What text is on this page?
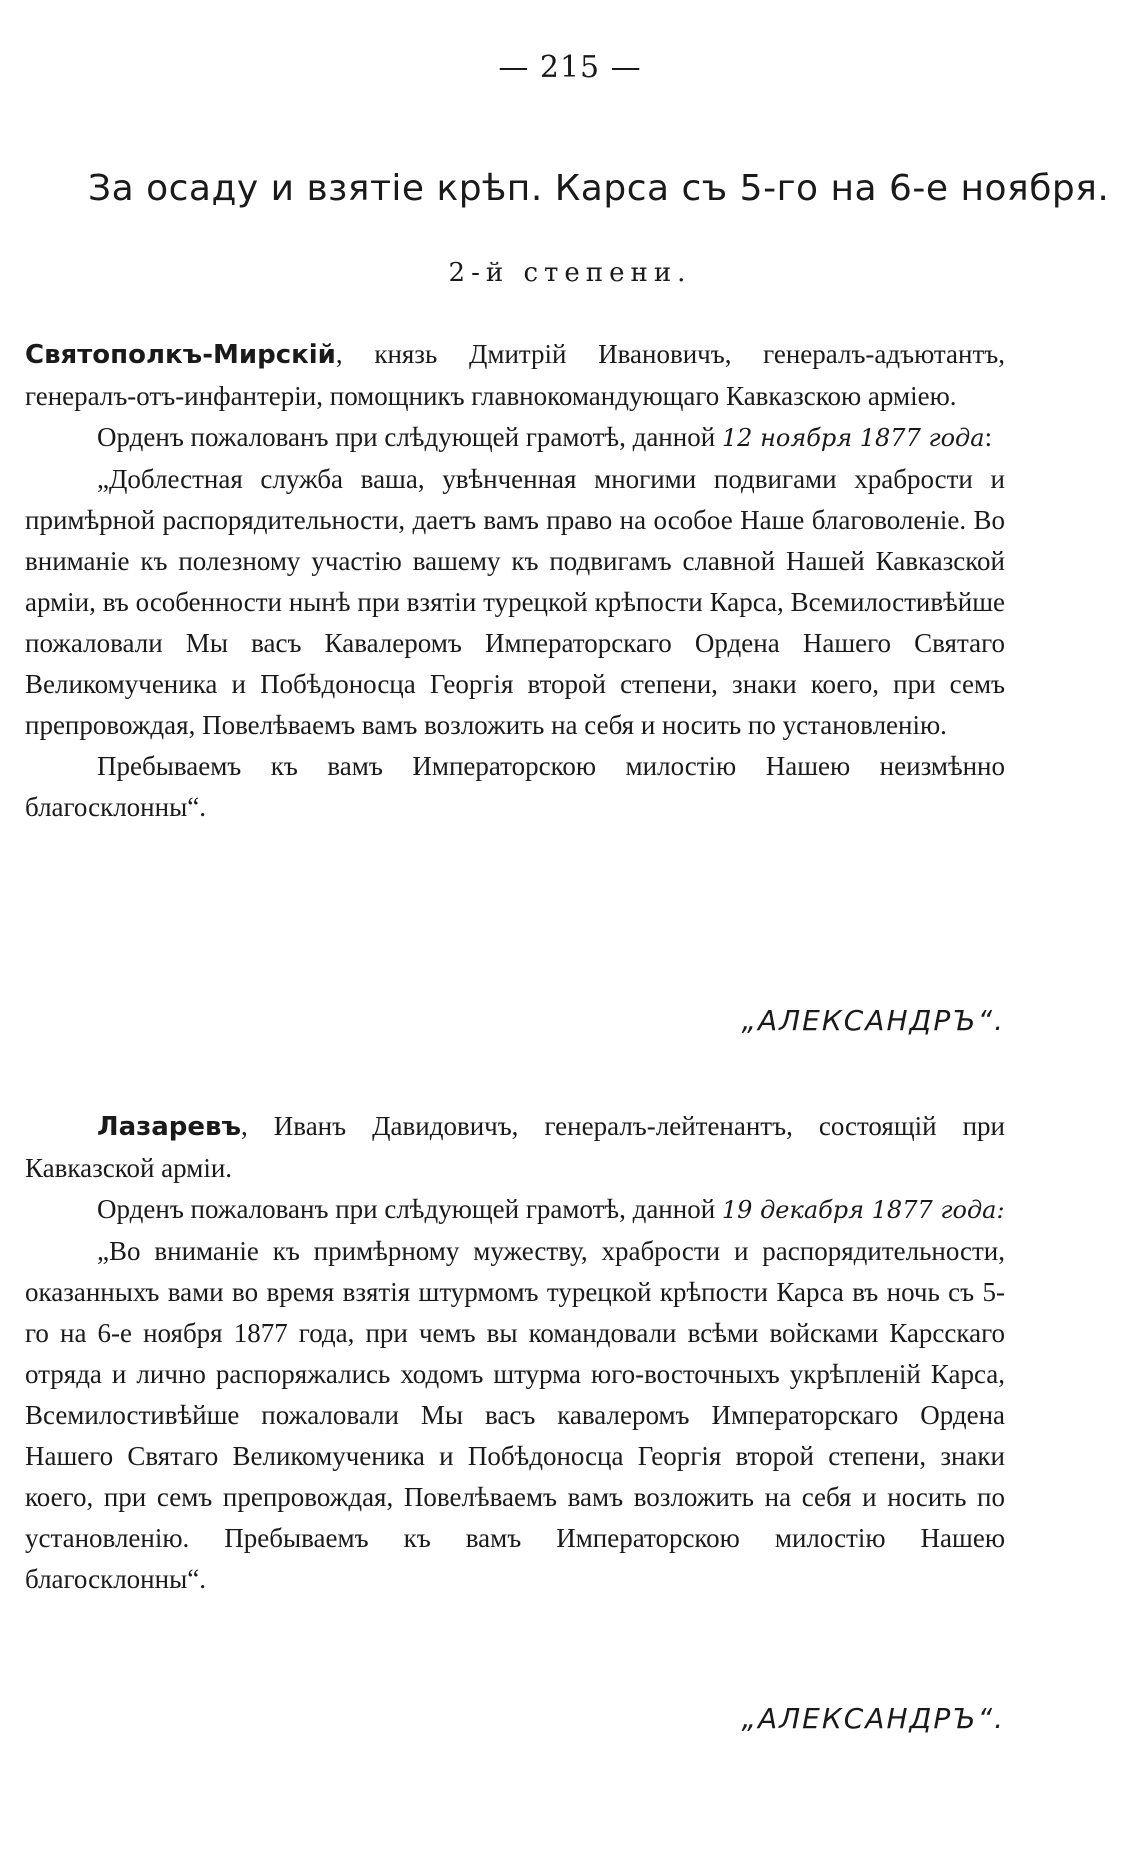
— 215 —
За осаду и взятіе крѣп. Карса съ 5-го на 6-е ноября.
2-й степени.

Святополкъ-Мирскій, князь Дмитрій Ивановичъ, генералъ-адъютантъ, генералъ-отъ-инфантеріи, помощникъ главнокомандующаго Кавказскою арміею.

Орденъ пожалованъ при слѣдующей грамотѣ, данной 12 ноября 1877 года:

„Доблестная служба ваша, увѣнченная многими подвигами храбрости и примѣрной распорядительности, даетъ вамъ право на особое Наше благоволеніе. Во вниманіе къ полезному участію вашему къ подвигамъ славной Нашей Кавказской арміи, въ особенности нынѣ при взятіи турецкой крѣпости Карса, Всемилостивѣйше пожаловали Мы васъ Кавалеромъ Императорскаго Ордена Нашего Святаго Великомученика и Побѣдоносца Георгія второй степени, знаки коего, при семъ препровождая, Повелѣваемъ вамъ возложить на себя и носить по установленію.

Пребываемъ къ вамъ Императорскою милостію Нашею неизмѣнно благосклонны“.

„АЛЕКСАНДРЪ“.

Лазаревъ, Иванъ Давидовичъ, генералъ-лейтенантъ, состоящій при Кавказской арміи.

Орденъ пожалованъ при слѣдующей грамотѣ, данной 19 декабря 1877 года:

„Во вниманіе къ примѣрному мужеству, храбрости и распорядительности, оказанныхъ вами во время взятія штурмомъ турецкой крѣпости Карса въ ночь съ 5-го на 6-е ноября 1877 года, при чемъ вы командовали всѣми войсками Карсскаго отряда и лично распоряжались ходомъ штурма юго-восточныхъ укрѣпленій Карса, Всемилостивѣйше пожаловали Мы васъ кавалеромъ Императорскаго Ордена Нашего Святаго Великомученика и Побѣдоносца Георгія второй степени, знаки коего, при семъ препровождая, Повелѣваемъ вамъ возложить на себя и носить по установленію. Пребываемъ къ вамъ Императорскою милостію Нашею благосклонны“.

„АЛЕКСАНДРЪ“.
